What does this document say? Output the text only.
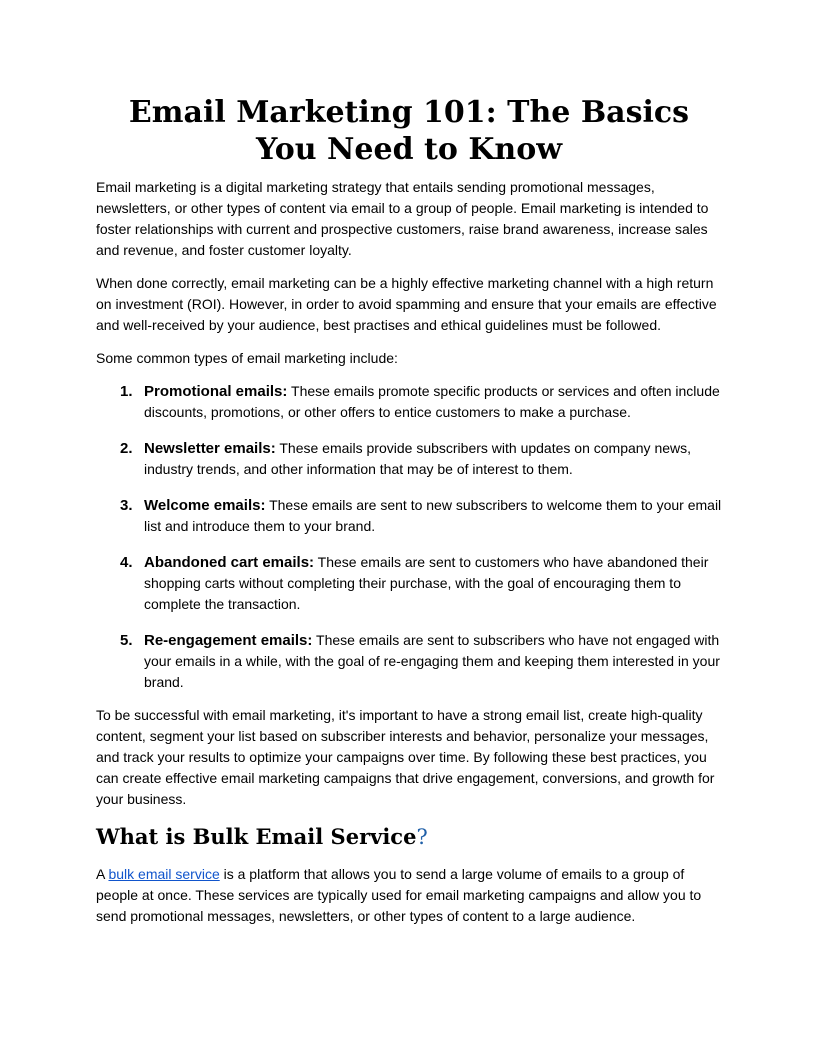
Email Marketing 101: The Basics You Need to Know

Email marketing is a digital marketing strategy that entails sending promotional messages, newsletters, or other types of content via email to a group of people. Email marketing is intended to foster relationships with current and prospective customers, raise brand awareness, increase sales and revenue, and foster customer loyalty.

When done correctly, email marketing can be a highly effective marketing channel with a high return on investment (ROI). However, in order to avoid spamming and ensure that your emails are effective and well-received by your audience, best practises and ethical guidelines must be followed.

Some common types of email marketing include:

1. Promotional emails: These emails promote specific products or services and often include discounts, promotions, or other offers to entice customers to make a purchase.
2. Newsletter emails: These emails provide subscribers with updates on company news, industry trends, and other information that may be of interest to them.
3. Welcome emails: These emails are sent to new subscribers to welcome them to your email list and introduce them to your brand.
4. Abandoned cart emails: These emails are sent to customers who have abandoned their shopping carts without completing their purchase, with the goal of encouraging them to complete the transaction.
5. Re-engagement emails: These emails are sent to subscribers who have not engaged with your emails in a while, with the goal of re-engaging them and keeping them interested in your brand.

To be successful with email marketing, it's important to have a strong email list, create high-quality content, segment your list based on subscriber interests and behavior, personalize your messages, and track your results to optimize your campaigns over time. By following these best practices, you can create effective email marketing campaigns that drive engagement, conversions, and growth for your business.

What is Bulk Email Service?

A bulk email service is a platform that allows you to send a large volume of emails to a group of people at once. These services are typically used for email marketing campaigns and allow you to send promotional messages, newsletters, or other types of content to a large audience.
